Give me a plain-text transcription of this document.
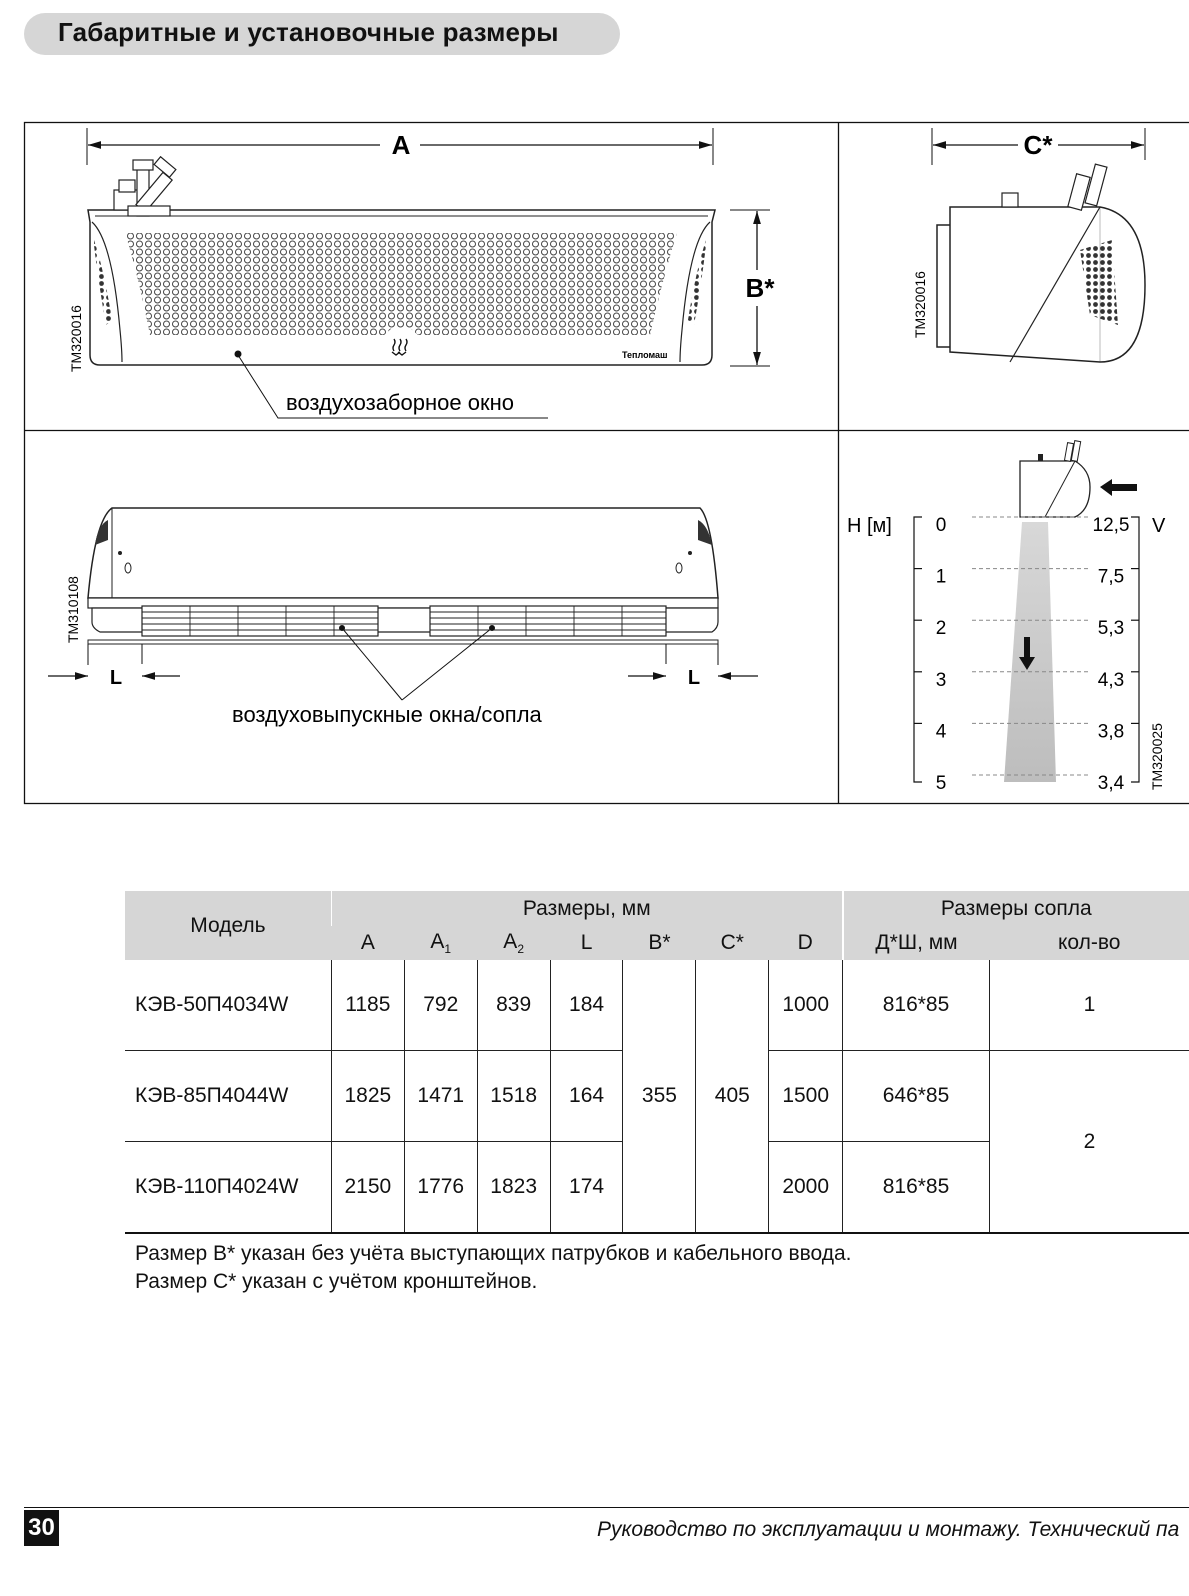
Габаритные и установочные размеры
A
Тепломаш
B*
TM320016
воздухозаборное окно
C*
TM320016
L	L
воздуховыпускные окна/сопла
TM310108
H [м]	V
0	12,5
1	7,5
2	5,3
3	4,3
4	3,8
5	3,4 TM320025
Модель	Размеры, мм							Размеры сопла	
	A	$A_1$	$A_2$	L	B*	C*	D	Д*Ш, мм	кол-во
КЭВ-50П4034W	1185	792	839	184	355	405	1000	816*85	1
КЭВ-85П4044W	1825	1471	1518	164			1500	646*85	2
КЭВ-110П4024W	2150	1776	1823	174			2000	816*85	
Размер B* указан без учёта выступающих патрубков и кабельного ввода.
Размер C* указан с учётом кронштейнов.
30	Руководство по эксплуатации и монтажу. Технический па
